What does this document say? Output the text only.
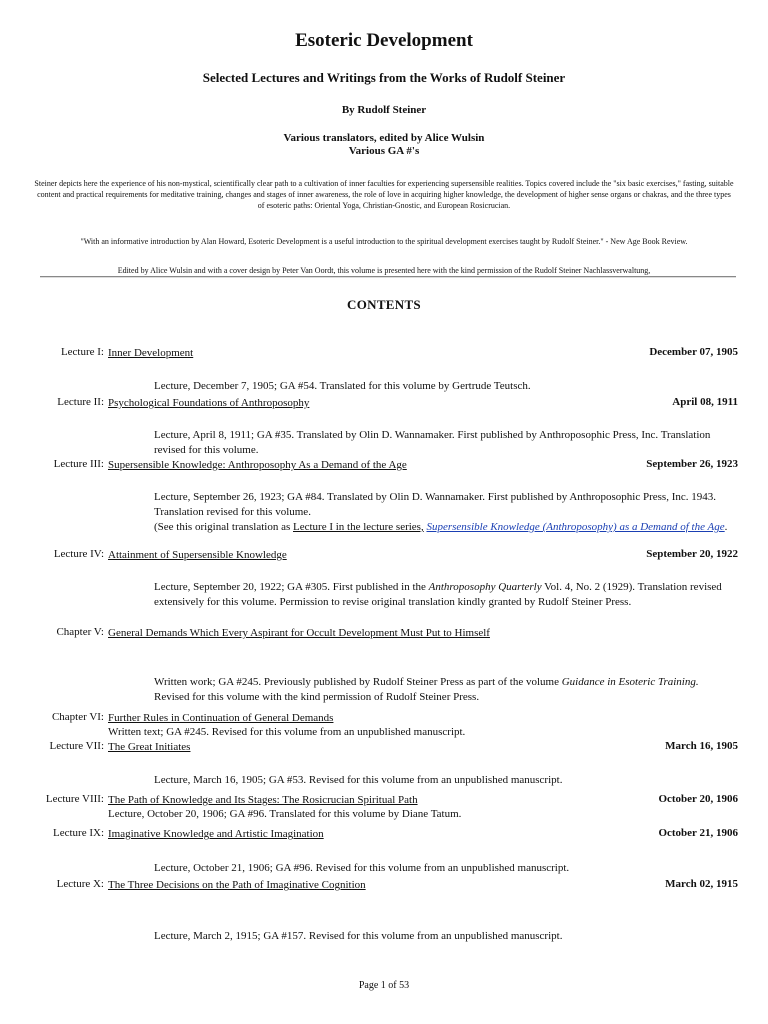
Esoteric Development
Selected Lectures and Writings from the Works of Rudolf Steiner
By Rudolf Steiner
Various translators, edited by Alice Wulsin
Various GA #'s
Steiner depicts here the experience of his non-mystical, scientifically clear path to a cultivation of inner faculties for experiencing supersensible realities. Topics covered include the "six basic exercises," fasting, suitable content and practical requirements for meditative training, changes and stages of inner awareness, the role of love in acquiring higher knowledge, the development of higher sense organs or chakras, and the three types of esoteric paths: Oriental Yoga, Christian-Gnostic, and European Rosicrucian.
"With an informative introduction by Alan Howard, Esoteric Development is a useful introduction to the spiritual development exercises taught by Rudolf Steiner." - New Age Book Review.
Edited by Alice Wulsin and with a cover design by Peter Van Oordt, this volume is presented here with the kind permission of the Rudolf Steiner Nachlassverwaltung,
CONTENTS
Lecture I: Inner Development	December 07, 1905
Lecture, December 7, 1905; GA #54. Translated for this volume by Gertrude Teutsch.
Lecture II: Psychological Foundations of Anthroposophy	April 08, 1911
Lecture, April 8, 1911; GA #35. Translated by Olin D. Wannamaker. First published by Anthroposophic Press, Inc. Translation revised for this volume.
Lecture III: Supersensible Knowledge: Anthroposophy As a Demand of the Age	September 26, 1923
Lecture, September 26, 1923; GA #84. Translated by Olin D. Wannamaker. First published by Anthroposophic Press, Inc. 1943. Translation revised for this volume.
(See this original translation as Lecture I in the lecture series, Supersensible Knowledge (Anthroposophy) as a Demand of the Age.
Lecture IV: Attainment of Supersensible Knowledge	September 20, 1922
Lecture, September 20, 1922; GA #305. First published in the Anthroposophy Quarterly Vol. 4, No. 2 (1929). Translation revised extensively for this volume. Permission to revise original translation kindly granted by Rudolf Steiner Press.
Chapter V: General Demands Which Every Aspirant for Occult Development Must Put to Himself
Written work; GA #245. Previously published by Rudolf Steiner Press as part of the volume Guidance in Esoteric Training. Revised for this volume with the kind permission of Rudolf Steiner Press.
Chapter VI: Further Rules in Continuation of General Demands
Written text; GA #245. Revised for this volume from an unpublished manuscript.
Lecture VII: The Great Initiates	March 16, 1905
Lecture, March 16, 1905; GA #53. Revised for this volume from an unpublished manuscript.
Lecture VIII: The Path of Knowledge and Its Stages: The Rosicrucian Spiritual Path	October 20, 1906
Lecture, October 20, 1906; GA #96. Translated for this volume by Diane Tatum.
Lecture IX: Imaginative Knowledge and Artistic Imagination	October 21, 1906
Lecture, October 21, 1906; GA #96. Revised for this volume from an unpublished manuscript.
Lecture X: The Three Decisions on the Path of Imaginative Cognition	March 02, 1915
Lecture, March 2, 1915; GA #157. Revised for this volume from an unpublished manuscript.
Page 1 of 53
